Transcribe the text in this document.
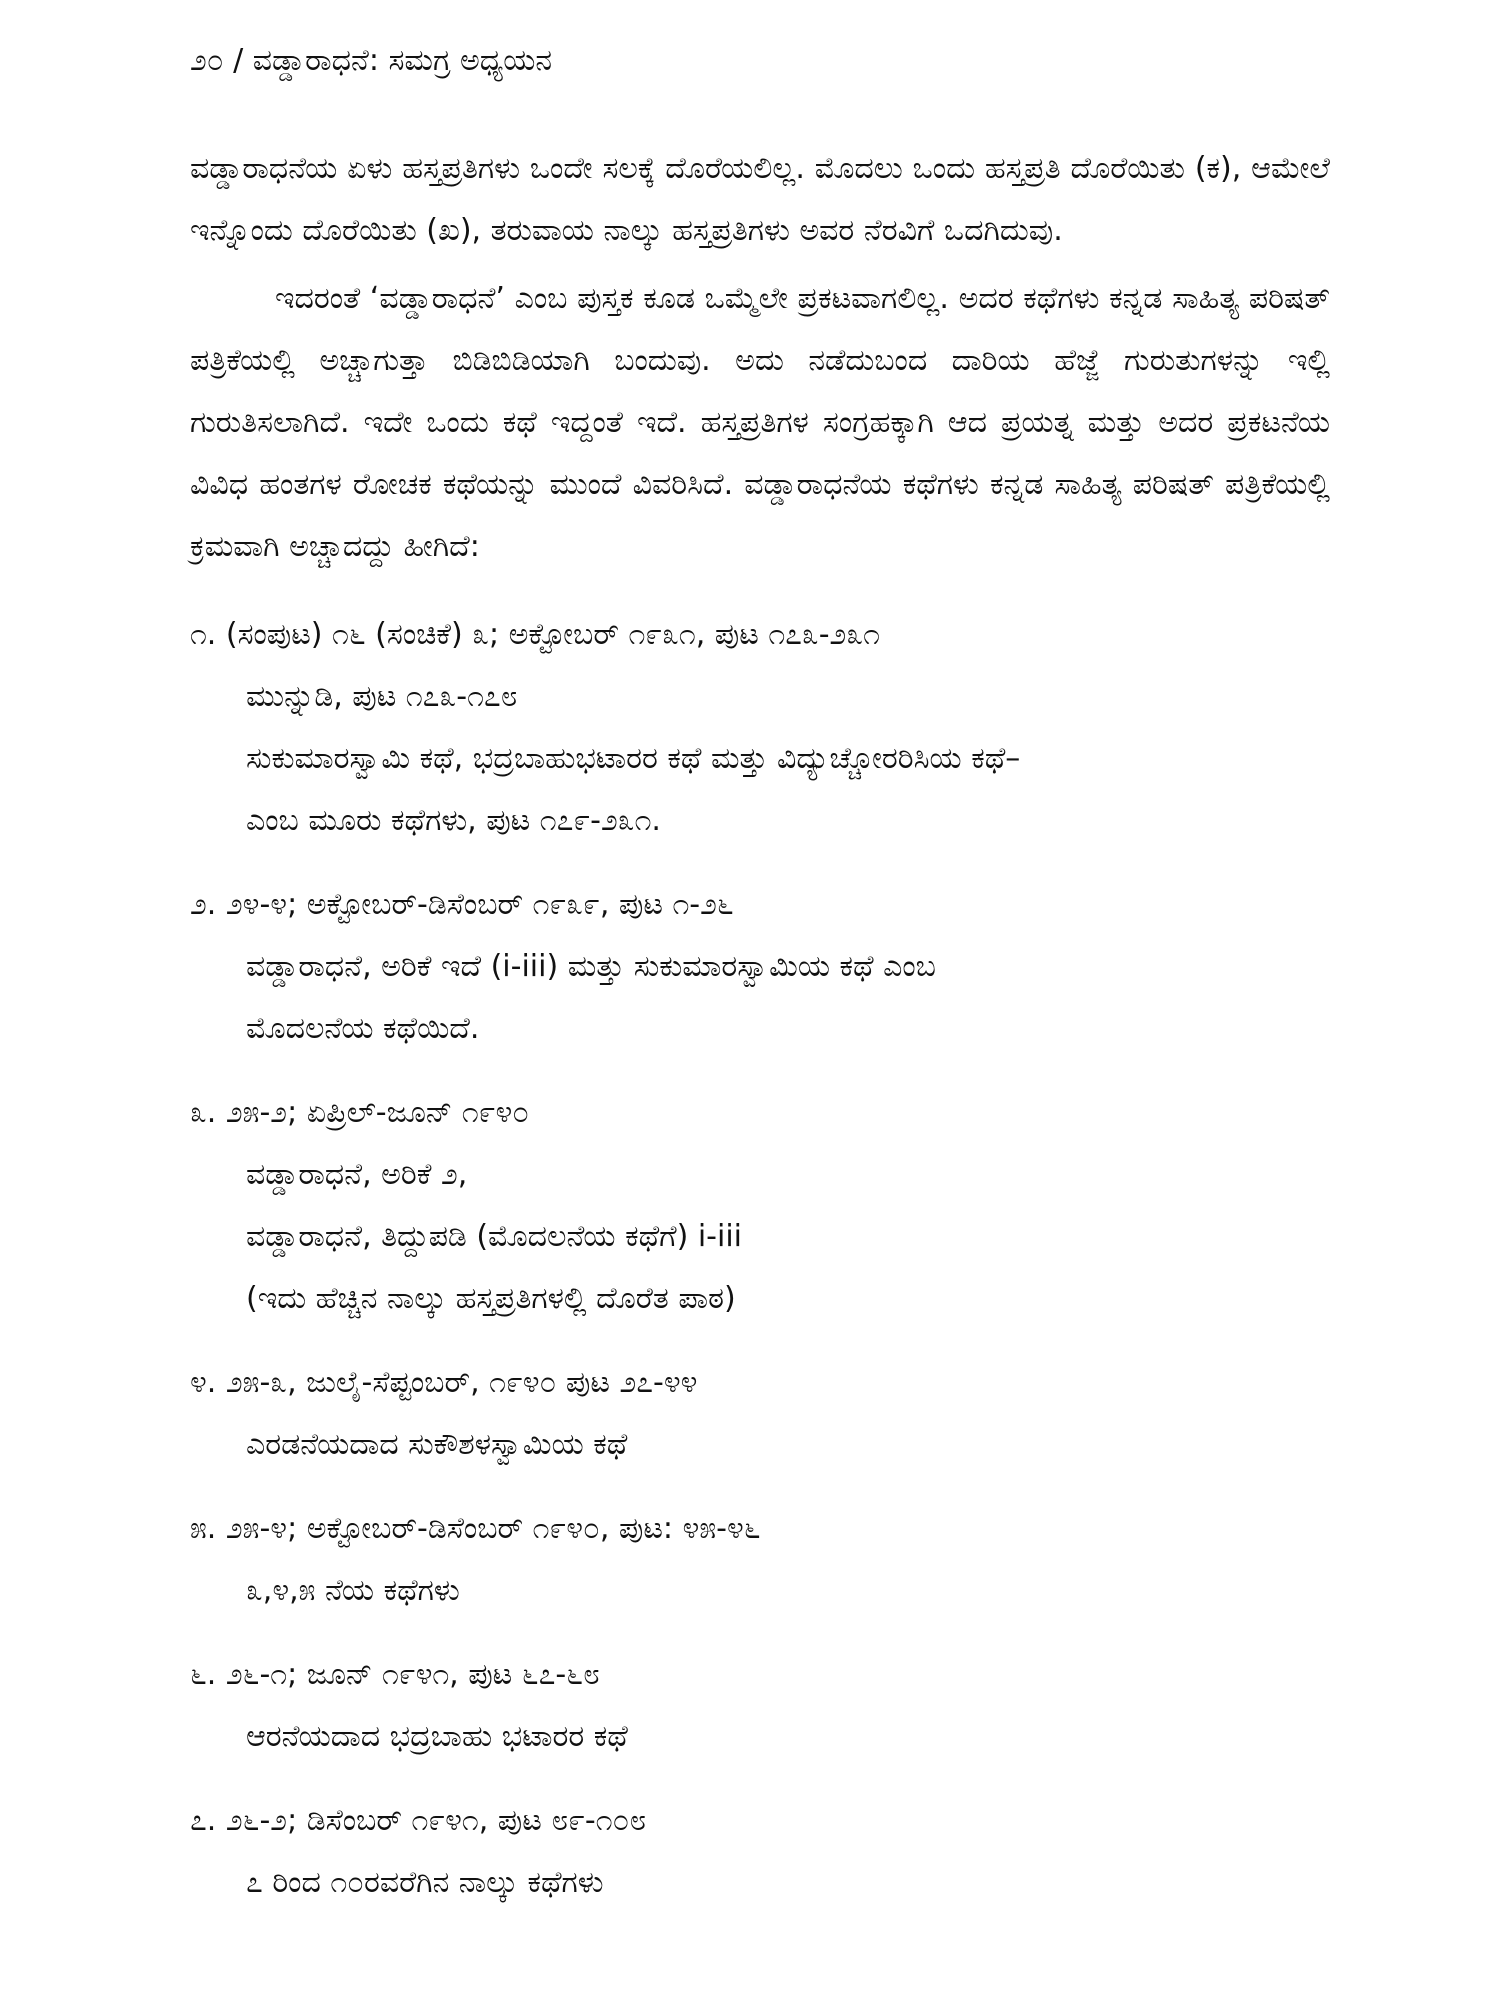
೨೦ / ವಡ್ಡಾರಾಧನೆ: ಸಮಗ್ರ ಅಧ್ಯಯನ

ವಡ್ಡಾರಾಧನೆಯ ಏಳು ಹಸ್ತಪ್ರತಿಗಳು ಒಂದೇ ಸಲಕ್ಕೆ ದೊರೆಯಲಿಲ್ಲ. ಮೊದಲು ಒಂದು ಹಸ್ತಪ್ರತಿ ದೊರೆಯಿತು (ಕ), ಆಮೇಲೆ ಇನ್ನೊಂದು ದೊರೆಯಿತು (ಖ), ತರುವಾಯ ನಾಲ್ಕು ಹಸ್ತಪ್ರತಿಗಳು ಅವರ ನೆರವಿಗೆ ಒದಗಿದುವು.

ಇದರಂತೆ ‘ವಡ್ಡಾರಾಧನೆ’ ಎಂಬ ಪುಸ್ತಕ ಕೂಡ ಒಮ್ಮೆಲೇ ಪ್ರಕಟವಾಗಲಿಲ್ಲ. ಅದರ ಕಥೆಗಳು ಕನ್ನಡ ಸಾಹಿತ್ಯ ಪರಿಷತ್ ಪತ್ರಿಕೆಯಲ್ಲಿ ಅಚ್ಚಾಗುತ್ತಾ ಬಿಡಿಬಿಡಿಯಾಗಿ ಬಂದುವು. ಅದು ನಡೆದುಬಂದ ದಾರಿಯ ಹೆಜ್ಜೆ ಗುರುತುಗಳನ್ನು ಇಲ್ಲಿ ಗುರುತಿಸಲಾಗಿದೆ. ಇದೇ ಒಂದು ಕಥೆ ಇದ್ದಂತೆ ಇದೆ. ಹಸ್ತಪ್ರತಿಗಳ ಸಂಗ್ರಹಕ್ಕಾಗಿ ಆದ ಪ್ರಯತ್ನ ಮತ್ತು ಅದರ ಪ್ರಕಟನೆಯ ವಿವಿಧ ಹಂತಗಳ ರೋಚಕ ಕಥೆಯನ್ನು ಮುಂದೆ ವಿವರಿಸಿದೆ. ವಡ್ಡಾರಾಧನೆಯ ಕಥೆಗಳು ಕನ್ನಡ ಸಾಹಿತ್ಯ ಪರಿಷತ್ ಪತ್ರಿಕೆಯಲ್ಲಿ ಕ್ರಮವಾಗಿ ಅಚ್ಚಾದದ್ದು ಹೀಗಿದೆ:

೧. (ಸಂಪುಟ) ೧೬ (ಸಂಚಿಕೆ) ೩; ಅಕ್ಟೋಬರ್ ೧೯೩೧, ಪುಟ ೧೭೩-೨೩೧
ಮುನ್ನುಡಿ, ಪುಟ ೧೭೩-೧೭೮
ಸುಕುಮಾರಸ್ವಾಮಿ ಕಥೆ, ಭದ್ರಬಾಹುಭಟಾರರ ಕಥೆ ಮತ್ತು ವಿದ್ಯುಚ್ಚೋರರಿಸಿಯ ಕಥೆ–
ಎಂಬ ಮೂರು ಕಥೆಗಳು, ಪುಟ ೧೭೯-೨೩೧.
೨. ೨೪-೪; ಅಕ್ಟೋಬರ್-ಡಿಸೆಂಬರ್ ೧೯೩೯, ಪುಟ ೧-೨೬
ವಡ್ಡಾರಾಧನೆ, ಅರಿಕೆ ಇದೆ (i-iii) ಮತ್ತು ಸುಕುಮಾರಸ್ವಾಮಿಯ ಕಥೆ ಎಂಬ
ಮೊದಲನೆಯ ಕಥೆಯಿದೆ.
೩. ೨೫-೨; ಏಪ್ರಿಲ್-ಜೂನ್ ೧೯೪೦
ವಡ್ಡಾರಾಧನೆ, ಅರಿಕೆ ೨,
ವಡ್ಡಾರಾಧನೆ, ತಿದ್ದುಪಡಿ (ಮೊದಲನೆಯ ಕಥೆಗೆ) i-iii
(ಇದು ಹೆಚ್ಚಿನ ನಾಲ್ಕು ಹಸ್ತಪ್ರತಿಗಳಲ್ಲಿ ದೊರೆತ ಪಾಠ)
೪. ೨೫-೩, ಜುಲೈ-ಸೆಪ್ಟಂಬರ್, ೧೯೪೦ ಪುಟ ೨೭-೪೪
ಎರಡನೆಯದಾದ ಸುಕೌಶಳಸ್ವಾಮಿಯ ಕಥೆ
೫. ೨೫-೪; ಅಕ್ಟೋಬರ್-ಡಿಸೆಂಬರ್ ೧೯೪೦, ಪುಟ: ೪೫-೪೬
೩,೪,೫ ನೆಯ ಕಥೆಗಳು
೬. ೨೬-೧; ಜೂನ್ ೧೯೪೧, ಪುಟ ೬೭-೬೮
ಆರನೆಯದಾದ ಭದ್ರಬಾಹು ಭಟಾರರ ಕಥೆ
೭. ೨೬-೨; ಡಿಸೆಂಬರ್ ೧೯೪೧, ಪುಟ ೮೯-೧೦೮
೭ ರಿಂದ ೧೦ರವರೆಗಿನ ನಾಲ್ಕು ಕಥೆಗಳು
